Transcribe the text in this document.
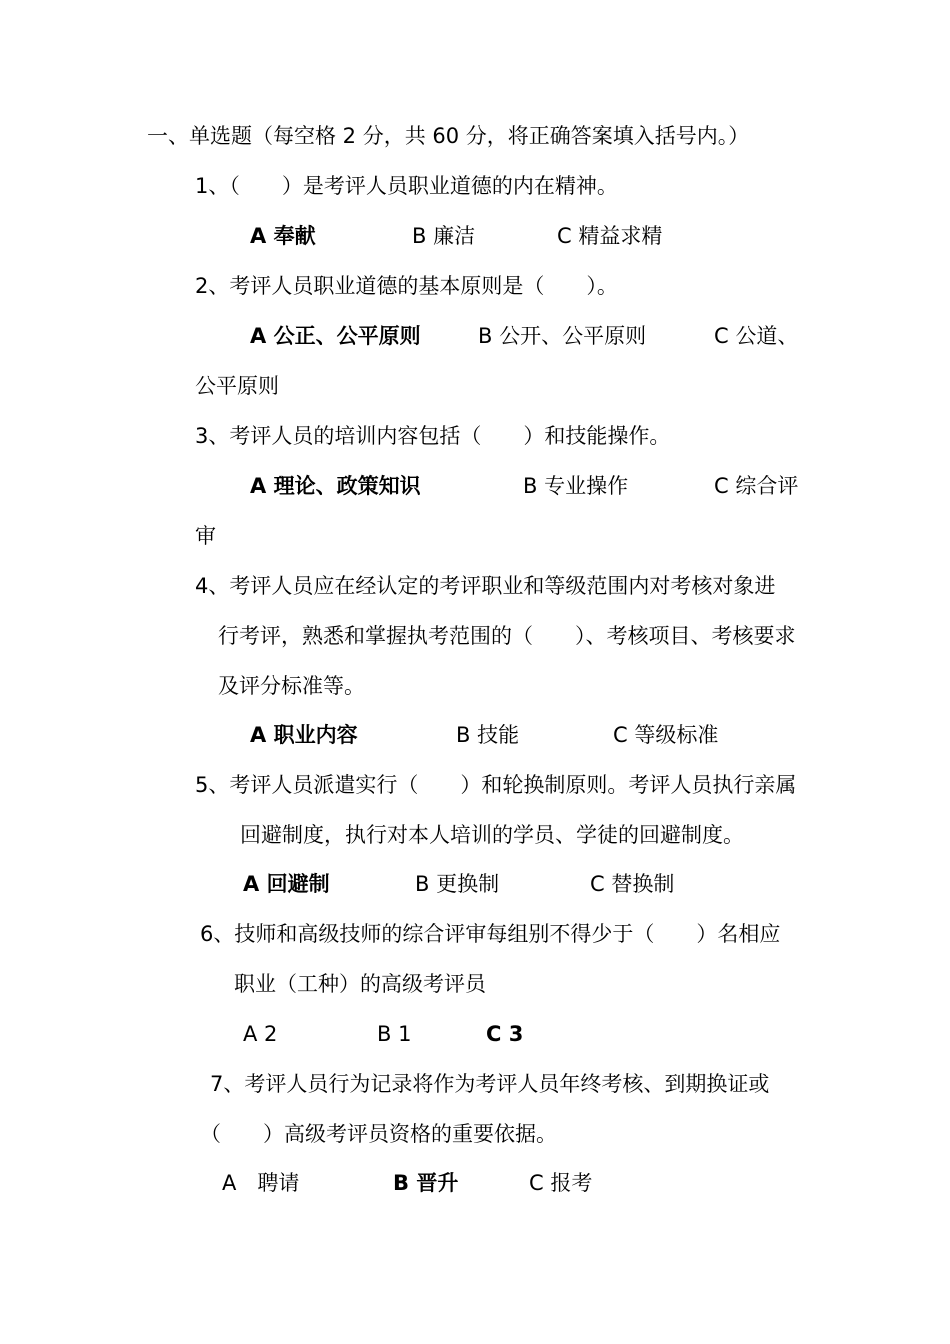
一、单选题（每空格 2 分，共 60 分，将正确答案填入括号内。）
1、（　　）是考评人员职业道德的内在精神。
A 奉献	B 廉洁	C 精益求精
2、考评人员职业道德的基本原则是（　　）。
A 公正、公平原则	B 公开、公平原则	C 公道、
公平原则
3、考评人员的培训内容包括（　　）和技能操作。
A 理论、政策知识	B 专业操作	C 综合评
审
4、考评人员应在经认定的考评职业和等级范围内对考核对象进
行考评，熟悉和掌握执考范围的（　　）、考核项目、考核要求
及评分标准等。
A 职业内容	B 技能	C 等级标准
5、考评人员派遣实行（　　）和轮换制原则。考评人员执行亲属
回避制度，执行对本人培训的学员、学徒的回避制度。
A 回避制	B 更换制	C 替换制
6、技师和高级技师的综合评审每组别不得少于（　　）名相应
职业（工种）的高级考评员
A 2	B 1	C 3
7、考评人员行为记录将作为考评人员年终考核、到期换证或
（　　）高级考评员资格的重要依据。
A　聘请	B 晋升	C 报考
